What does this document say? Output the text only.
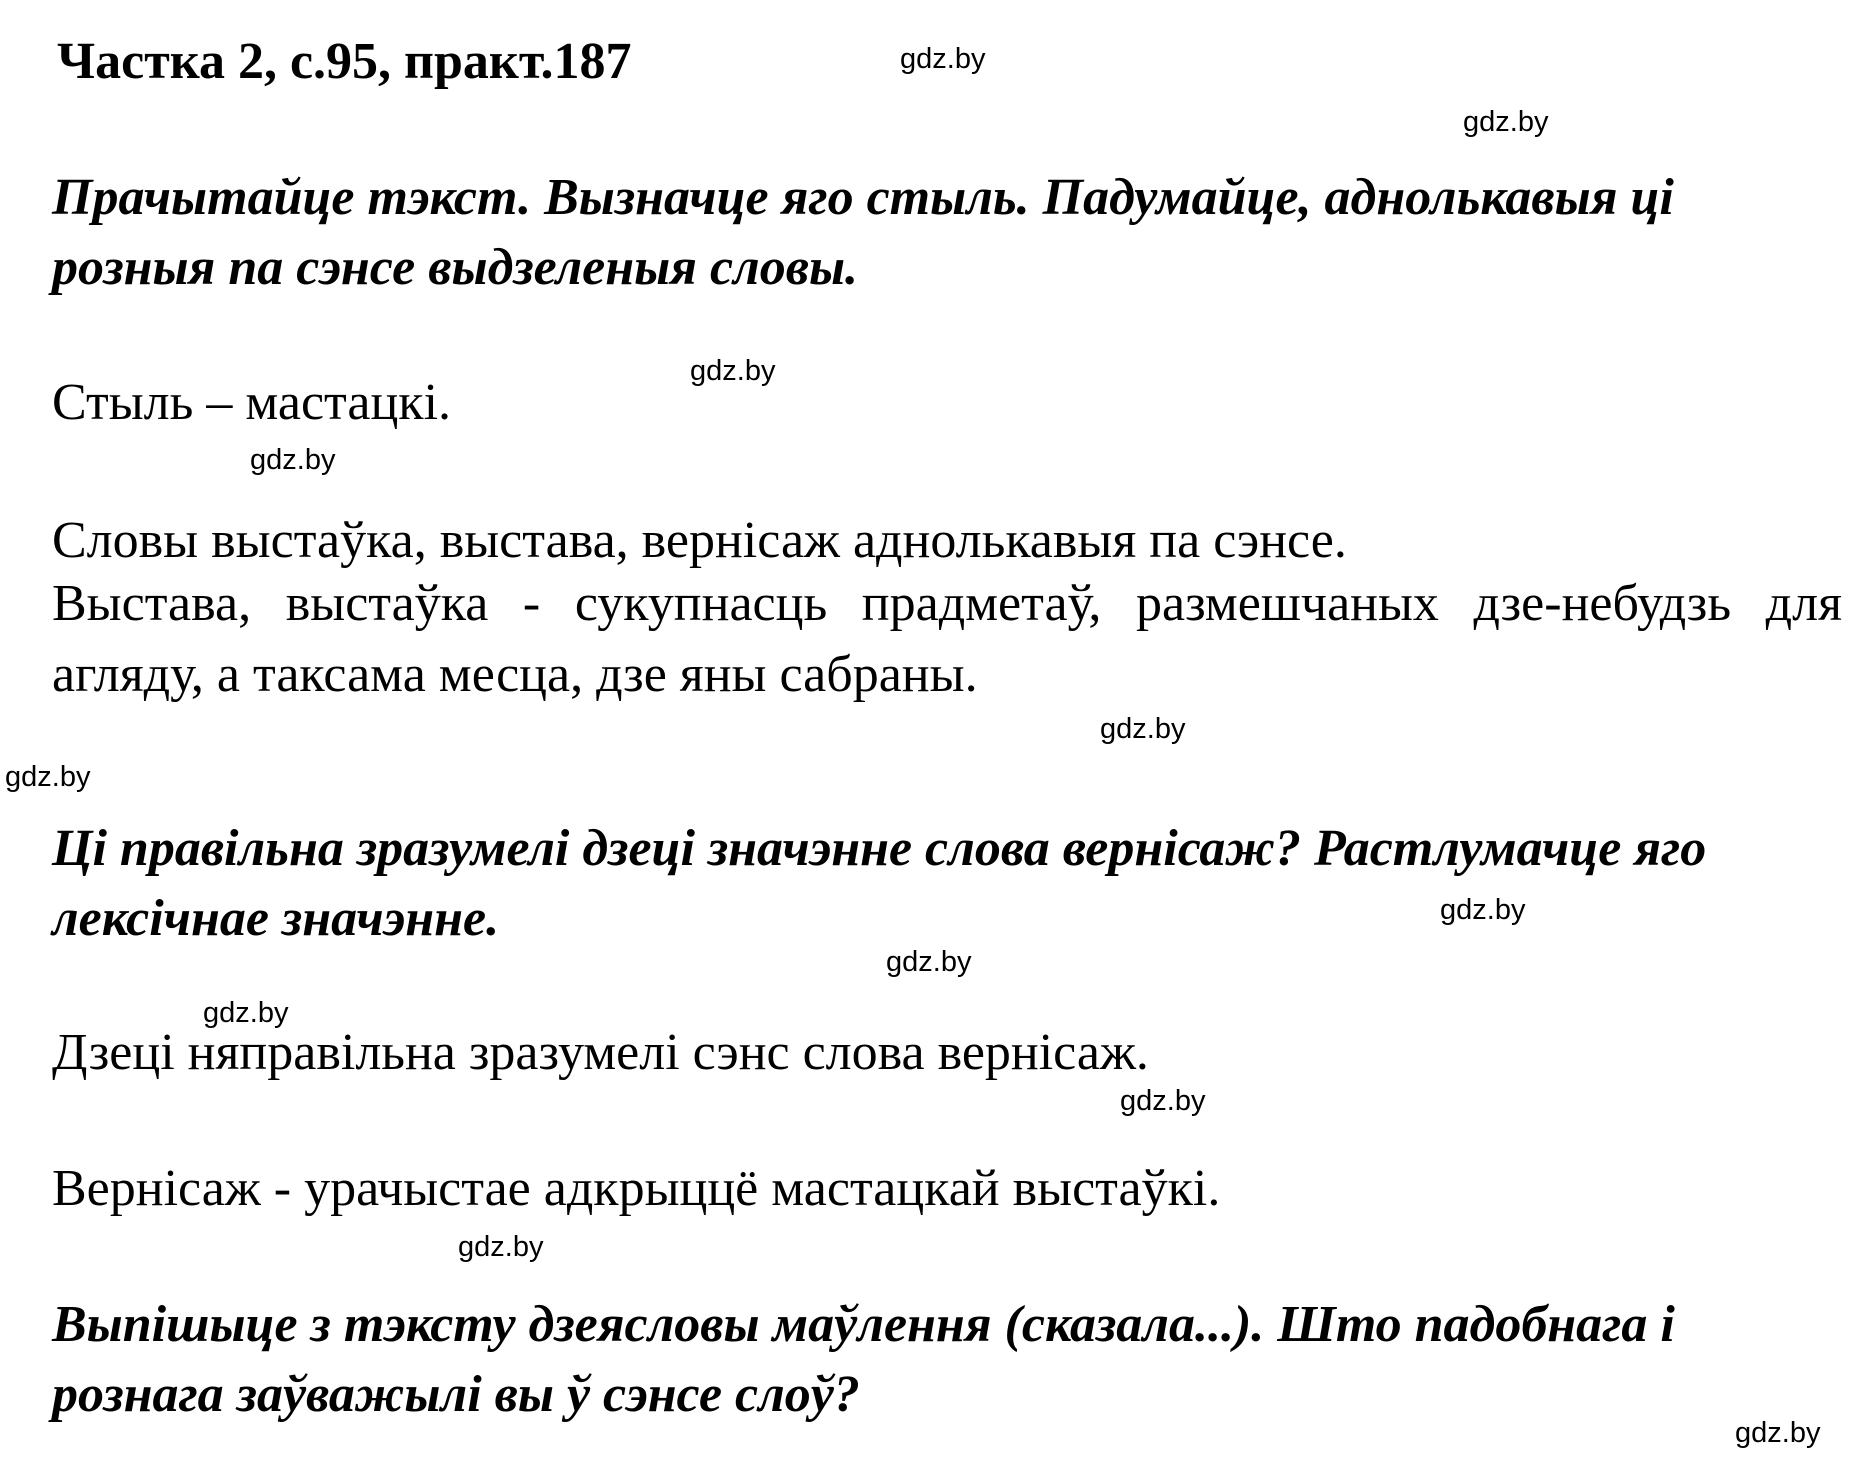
Частка 2, с.95, практ.187

Прачытайце тэкст. Вызначце яго стыль. Падумайце, аднолькавыя ці розныя па сэнсе выдзеленыя словы.

Стыль – мастацкі.

Словы выстаўка, выстава, вернісаж аднолькавыя па сэнсе.

Выстава, выстаўка - сукупнасць прадметаў, размешчаных дзе-небудзь для агляду, а таксама месца, дзе яны сабраны.

Ці правільна зразумелі дзеці значэнне слова вернісаж? Растлумачце яго лексічнае значэнне.

Дзеці няправільна зразумелі сэнс слова вернісаж.

Вернісаж - урачыстае адкрыццё мастацкай выстаўкі.

Выпішыце з тэксту дзеясловы маўлення (сказала...). Што падобнага і рознага заўважылі вы ў сэнсе слоў?

gdz.by
gdz.by
gdz.by
gdz.by
gdz.by
gdz.by
gdz.by
gdz.by
gdz.by
gdz.by
gdz.by
gdz.by
